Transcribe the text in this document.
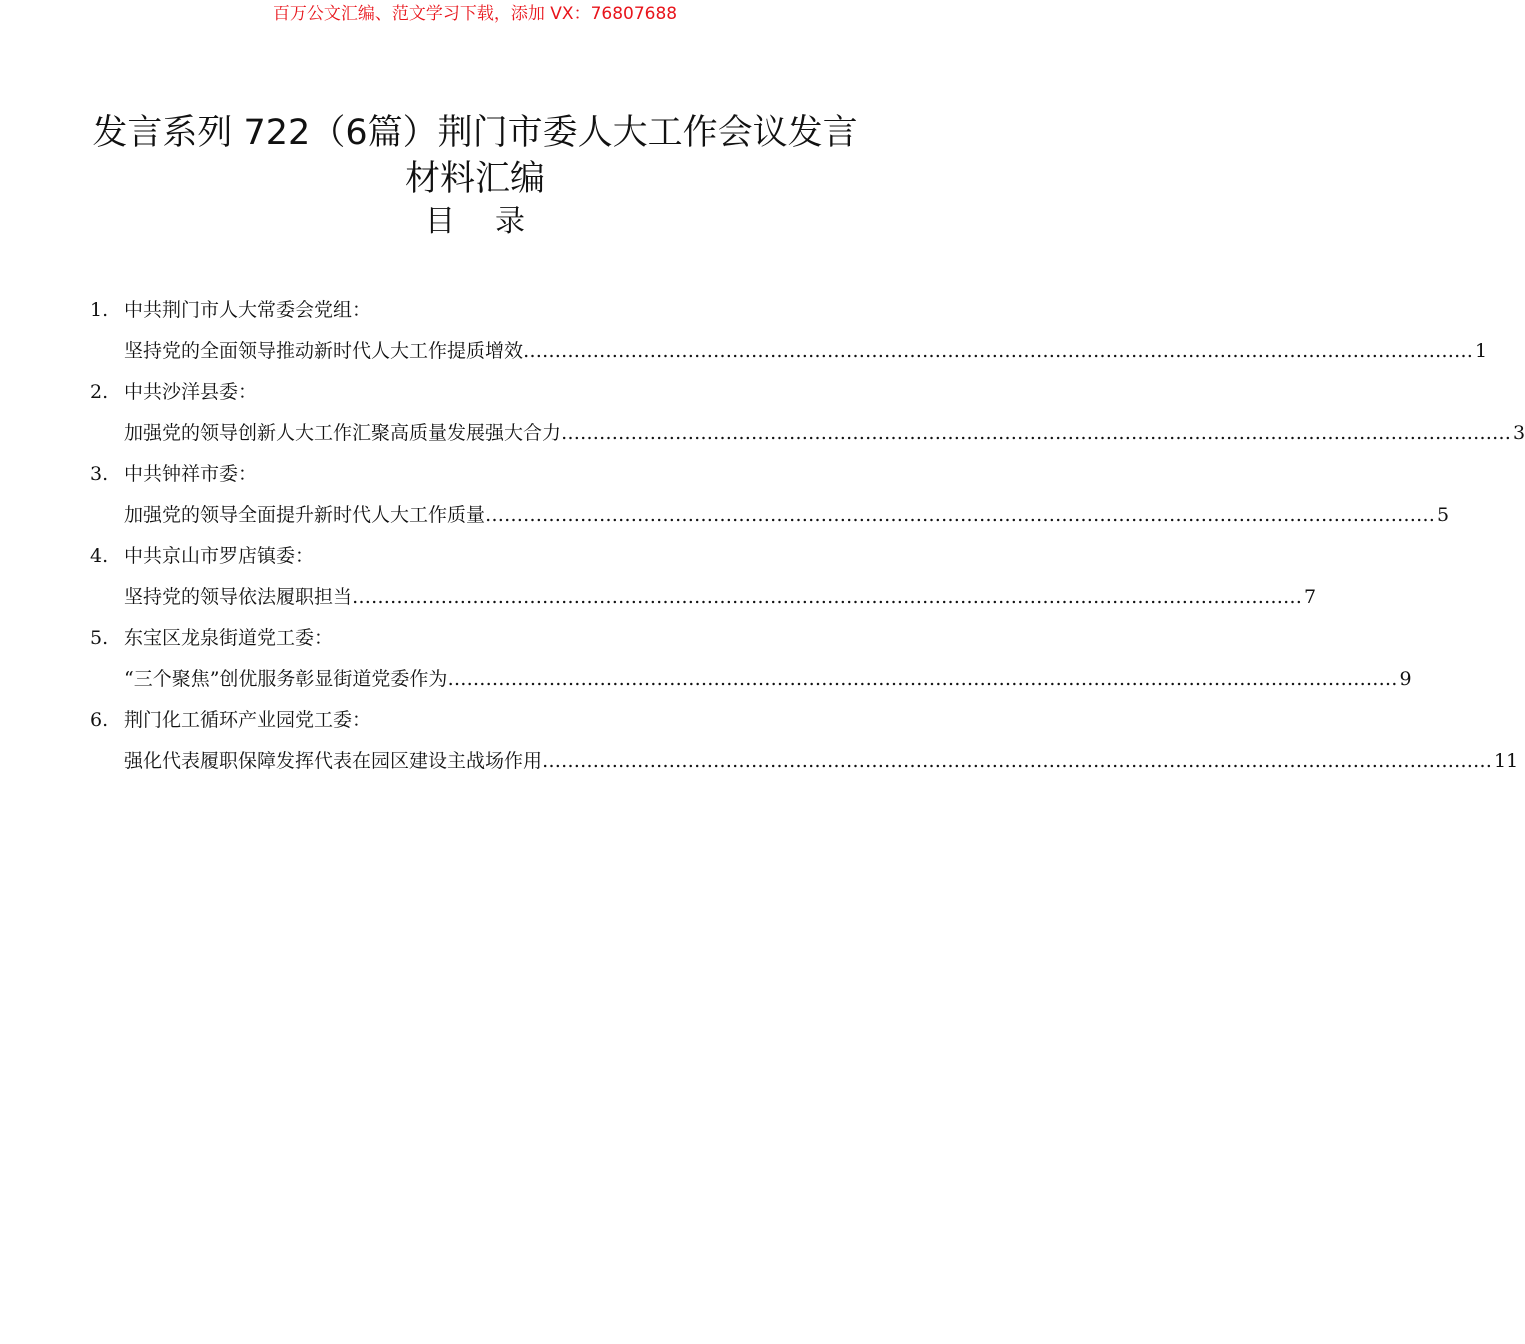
百万公文汇编、范文学习下载，添加 VX：76807688
发言系列 722（6篇）荆门市委人大工作会议发言
材料汇编
目录
1. 中共荆门市人大常委会党组：
坚持党的全面领导推动新时代人大工作提质增效 …………………………………………………………………………………………………………………………………… 1
2. 中共沙洋县委：
加强党的领导创新人大工作汇聚高质量发展强大合力 …………………………………………………………………………………………………………………………………… 3
3. 中共钟祥市委：
加强党的领导全面提升新时代人大工作质量 …………………………………………………………………………………………………………………………………… 5
4. 中共京山市罗店镇委：
坚持党的领导依法履职担当 …………………………………………………………………………………………………………………………………… 7
5. 东宝区龙泉街道党工委：
“三个聚焦”创优服务彰显街道党委作为 …………………………………………………………………………………………………………………………………… 9
6. 荆门化工循环产业园党工委：
强化代表履职保障发挥代表在园区建设主战场作用 …………………………………………………………………………………………………………………………………… 11
